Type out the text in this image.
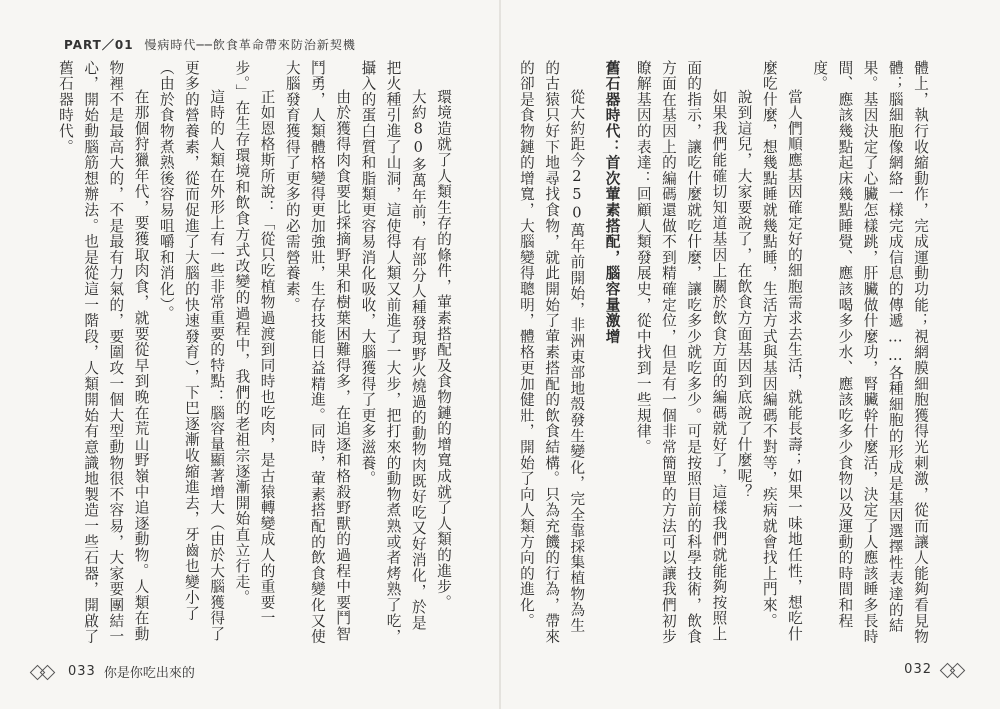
PART／01 慢病時代──飲食革命帶來防治新契機

環境造就了人類生存的條件，葷素搭配及食物鏈的增寬成就了人類的進步。

大約80多萬年前，有部分人種發現野火燒過的動物肉既好吃又好消化，於是把火種引進了山洞，這使得人類又前進了一大步，把打來的動物煮熟或者烤熟了吃，攝入的蛋白質和脂類更容易消化吸收，大腦獲得了更多滋養。

由於獲得肉食要比採摘野果和樹葉困難得多，在追逐和格殺野獸的過程中要鬥智鬥勇，人類體格變得更加強壯，生存技能日益精進。同時，葷素搭配的飲食變化又使大腦發育獲得了更多的必需營養素。

正如恩格斯所說：「從只吃植物過渡到同時也吃肉，是古猿轉變成人的重要一步。」在生存環境和飲食方式改變的過程中，我們的老祖宗逐漸開始直立行走。

這時的人類在外形上有一些非常重要的特點：腦容量顯著增大（由於大腦獲得了更多的營養素，從而促進了大腦的快速發育），下巴逐漸收縮進去，牙齒也變小了（由於食物煮熟後容易咀嚼和消化）。

在那個狩獵年代，要獲取肉食，就要從早到晚在荒山野嶺中追逐動物。人類在動物裡不是最高大的，不是最有力氣的，要圍攻一個大型動物很不容易，大家要團結一心，開始動腦筋想辦法。也是從這一階段，人類開始有意識地製造一些石器，開啟了舊石器時代。	體上，執行收縮動作，完成運動功能；視網膜細胞獲得光刺激，從而讓人能夠看見物體；腦細胞像網絡一樣完成信息的傳遞……各種細胞的形成是基因選擇性表達的結果。基因決定了心臟怎樣跳，肝臟做什麼功，腎臟幹什麼活，決定了人應該睡多長時間、應該幾點起床幾點睡覺、應該喝多少水、應該吃多少食物以及運動的時間和程度。

當人們順應基因確定好的細胞需求去生活，就能長壽；如果一味地任性，想吃什麼吃什麼，想幾點睡就幾點睡，生活方式與基因編碼不對等，疾病就會找上門來。

說到這兒，大家要說了，在飲食方面基因到底說了什麼呢？

如果我們能確切知道基因上關於飲食方面的編碼就好了，這樣我們就能夠按照上面的指示，讓吃什麼就吃什麼，讓吃多少就吃多少。可是按照目前的科學技術，飲食方面在基因上的編碼還做不到精確定位，但是有一個非常簡單的方法可以讓我們初步瞭解基因的表達：回顧人類發展史，從中找到一些規律。

舊石器時代：首次葷素搭配，腦容量激增

從大約距今250萬年前開始，非洲東部地殼發生變化，完全靠採集植物為生的古猿只好下地尋找食物，就此開始了葷素搭配的飲食結構。只為充饑的行為，帶來的卻是食物鏈的增寬，大腦變得聰明，體格更加健壯，開始了向人類方向的進化。

033 你是你吃出來的	032
